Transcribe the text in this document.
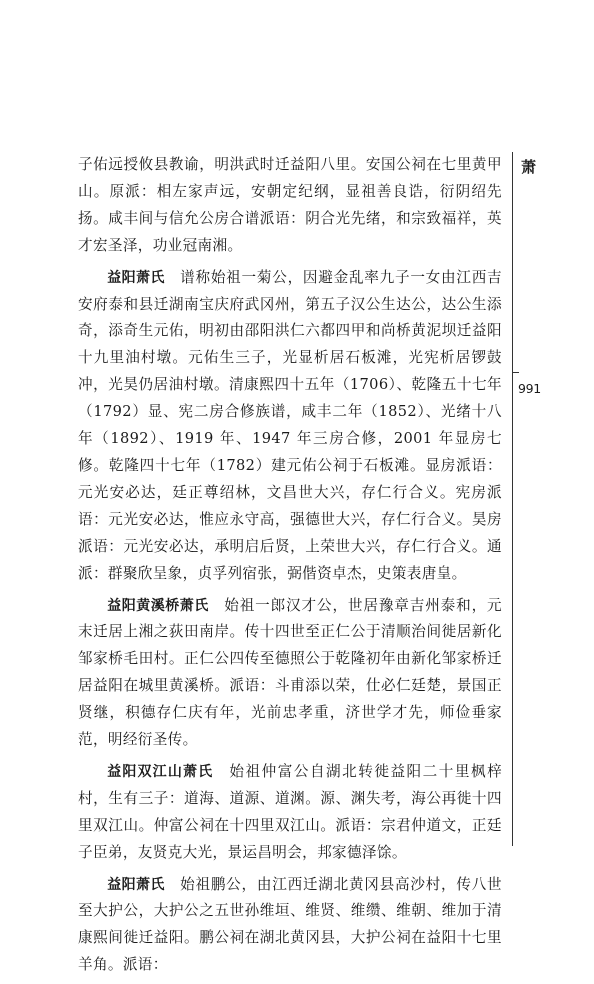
子佑远授攸县教谕，明洪武时迁益阳八里。安国公祠在七里黄甲山。原派：相左家声远，安朝定纪纲，显祖善良诰，衍阴绍先扬。咸丰间与信允公房合谱派语：阴合光先绪，和宗致福祥，英才宏圣泽，功业冠南湘。

益阳萧氏  谱称始祖一菊公，因避金乱率九子一女由江西吉安府泰和县迁湖南宝庆府武冈州，第五子汉公生达公，达公生添奇，添奇生元佑，明初由邵阳洪仁六都四甲和尚桥黄泥坝迁益阳十九里油村墩。元佑生三子，光显析居石板滩，光宪析居锣鼓冲，光昊仍居油村墩。清康熙四十五年（1706）、乾隆五十七年（1792）显、宪二房合修族谱，咸丰二年（1852）、光绪十八年（1892）、1919 年、1947 年三房合修，2001 年显房七修。乾隆四十七年（1782）建元佑公祠于石板滩。显房派语：元光安必达，廷正尊绍林，文昌世大兴，存仁行合义。宪房派语：元光安必达，惟应永守高，强德世大兴，存仁行合义。昊房派语：元光安必达，承明启后贤，上荣世大兴，存仁行合义。通派：群聚欣呈象，贞孚列宿张，弼偕资卓杰，史策表唐皇。

益阳黄溪桥萧氏  始祖一郎汉才公，世居豫章吉州泰和，元末迁居上湘之荻田南岸。传十四世至正仁公于清顺治间徙居新化邹家桥毛田村。正仁公四传至德照公于乾隆初年由新化邹家桥迁居益阳在城里黄溪桥。派语：斗甫添以荣，仕必仁廷楚，景国正贤继，积德存仁庆有年，光前忠孝重，济世学才先，师俭垂家范，明经衍圣传。

益阳双江山萧氏  始祖仲富公自湖北转徙益阳二十里枫梓村，生有三子：道海、道源、道渊。源、渊失考，海公再徙十四里双江山。仲富公祠在十四里双江山。派语：宗君仲道文，正廷子臣弟，友贤克大光，景运昌明会，邦家德泽馀。

益阳萧氏  始祖鹏公，由江西迁湖北黄冈县高沙村，传八世至大护公，大护公之五世孙维垣、维贤、维缵、维朝、维加于清康熙间徙迁益阳。鹏公祠在湖北黄冈县，大护公祠在益阳十七里羊角。派语：

萧
991
